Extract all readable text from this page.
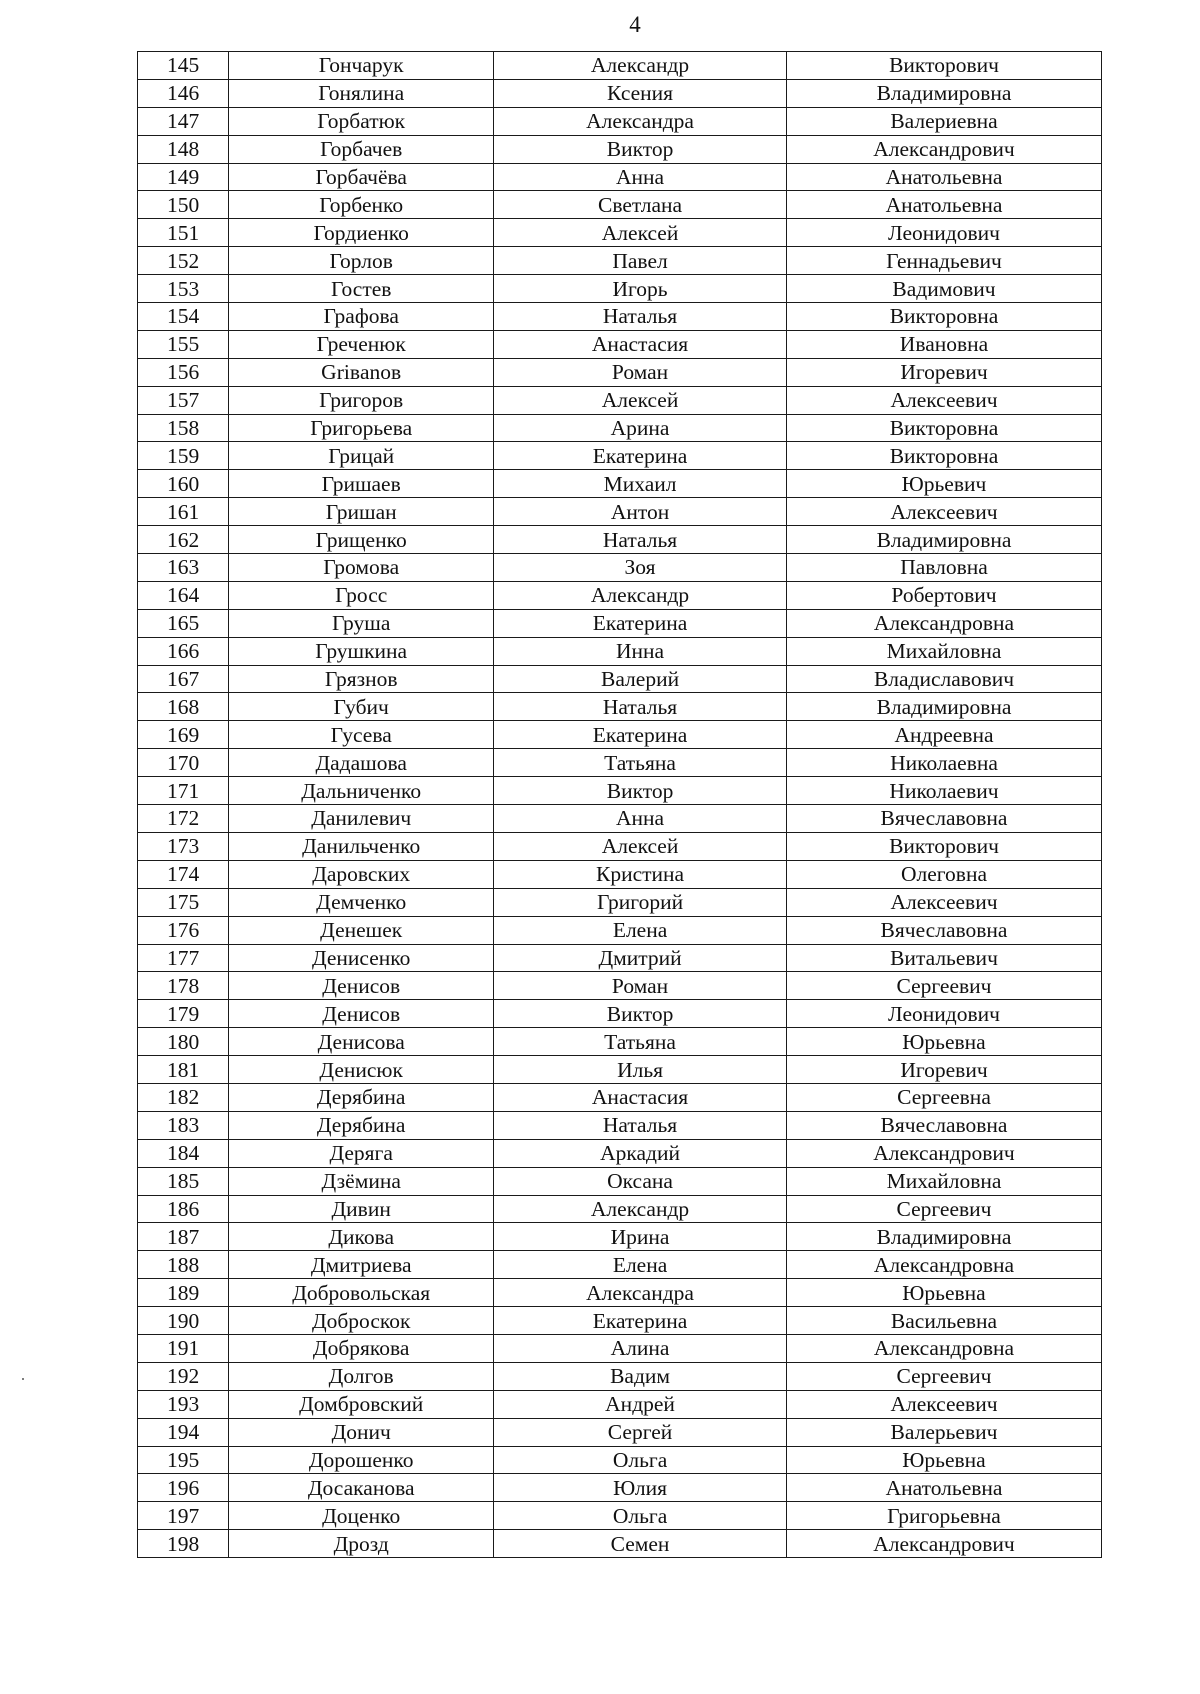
4
145	Гончарук	Александр	Викторович
146	Гонялина	Ксения	Владимировна
147	Горбатюк	Александра	Валериевна
148	Горбачев	Виктор	Александрович
149	Горбачёва	Анна	Анатольевна
150	Горбенко	Светлана	Анатольевна
151	Гордиенко	Алексей	Леонидович
152	Горлов	Павел	Геннадьевич
153	Гостев	Игорь	Вадимович
154	Графова	Наталья	Викторовна
155	Греченюк	Анастасия	Ивановна
156	Griвanов	Роман	Игоревич
157	Григоров	Алексей	Алексеевич
158	Григорьева	Арина	Викторовна
159	Грицай	Екатерина	Викторовна
160	Гришаев	Михаил	Юрьевич
161	Гришан	Антон	Алексеевич
162	Грищенко	Наталья	Владимировна
163	Громова	Зоя	Павловна
164	Гросс	Александр	Робертович
165	Груша	Екатерина	Александровна
166	Грушкина	Инна	Михайловна
167	Грязнов	Валерий	Владиславович
168	Губич	Наталья	Владимировна
169	Гусева	Екатерина	Андреевна
170	Дадашова	Татьяна	Николаевна
171	Дальниченко	Виктор	Николаевич
172	Данилевич	Анна	Вячеславовна
173	Данильченко	Алексей	Викторович
174	Даровских	Кристина	Олеговна
175	Демченко	Григорий	Алексеевич
176	Денешек	Елена	Вячеславовна
177	Денисенко	Дмитрий	Витальевич
178	Денисов	Роман	Сергеевич
179	Денисов	Виктор	Леонидович
180	Денисова	Татьяна	Юрьевна
181	Денисюк	Илья	Игоревич
182	Дерябина	Анастасия	Сергеевна
183	Дерябина	Наталья	Вячеславовна
184	Деряга	Аркадий	Александрович
185	Дзёмина	Оксана	Михайловна
186	Дивин	Александр	Сергеевич
187	Дикова	Ирина	Владимировна
188	Дмитриева	Елена	Александровна
189	Добровольская	Александра	Юрьевна
190	Доброскок	Екатерина	Васильевна
191	Добрякова	Алина	Александровна
192	Долгов	Вадим	Сергеевич
193	Домбровский	Андрей	Алексеевич
194	Донич	Сергей	Валерьевич
195	Дорошенко	Ольга	Юрьевна
196	Досаканова	Юлия	Анатольевна
197	Доценко	Ольга	Григорьевна
198	Дрозд	Семен	Александрович
